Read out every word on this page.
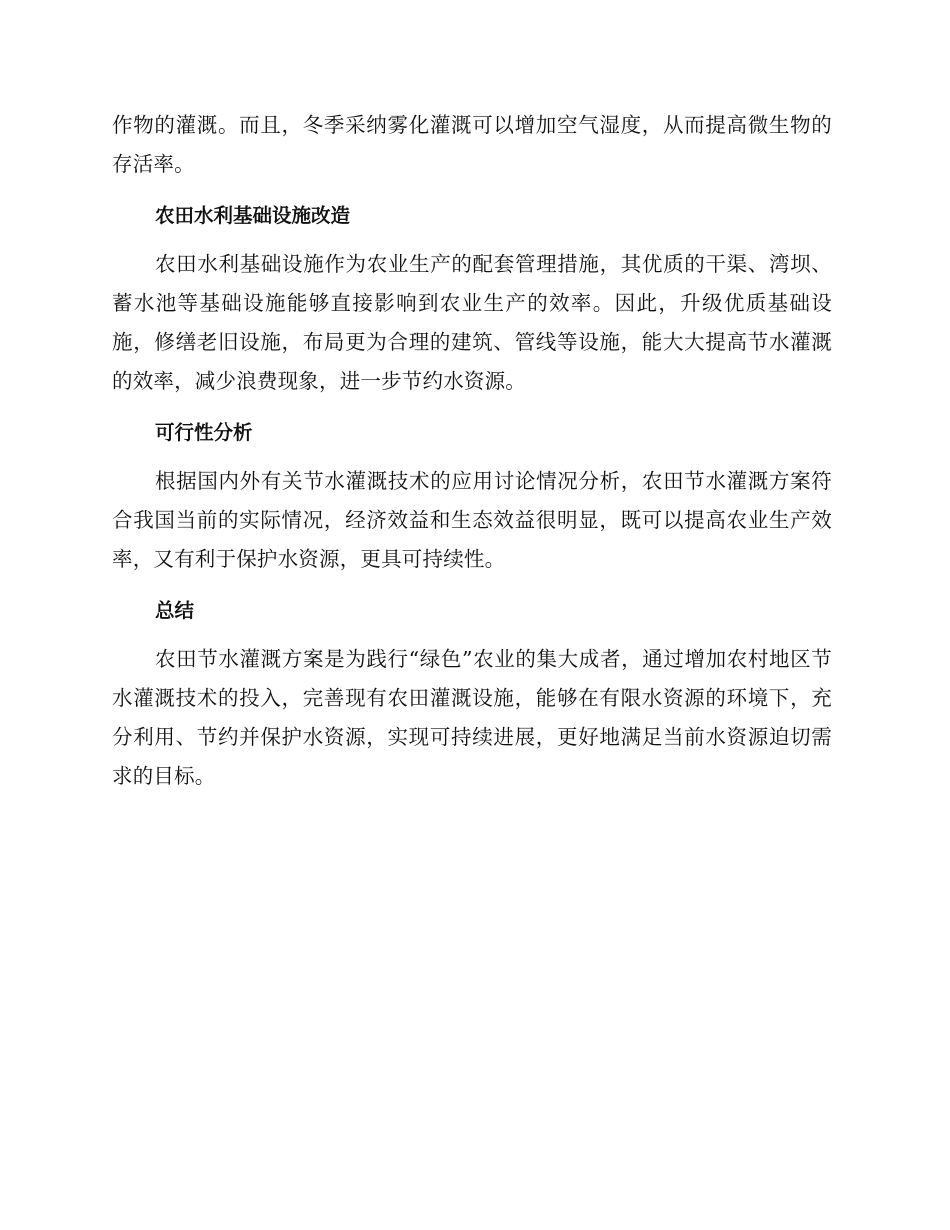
作物的灌溉。而且，冬季采纳雾化灌溉可以增加空气湿度，从而提高微生物的存活率。

农田水利基础设施改造

农田水利基础设施作为农业生产的配套管理措施，其优质的干渠、湾坝、蓄水池等基础设施能够直接影响到农业生产的效率。因此，升级优质基础设施，修缮老旧设施，布局更为合理的建筑、管线等设施，能大大提高节水灌溉的效率，减少浪费现象，进一步节约水资源。

可行性分析

根据国内外有关节水灌溉技术的应用讨论情况分析，农田节水灌溉方案符合我国当前的实际情况，经济效益和生态效益很明显，既可以提高农业生产效率，又有利于保护水资源，更具可持续性。

总结

农田节水灌溉方案是为践行“绿色”农业的集大成者，通过增加农村地区节水灌溉技术的投入，完善现有农田灌溉设施，能够在有限水资源的环境下，充分利用、节约并保护水资源，实现可持续进展，更好地满足当前水资源迫切需求的目标。
